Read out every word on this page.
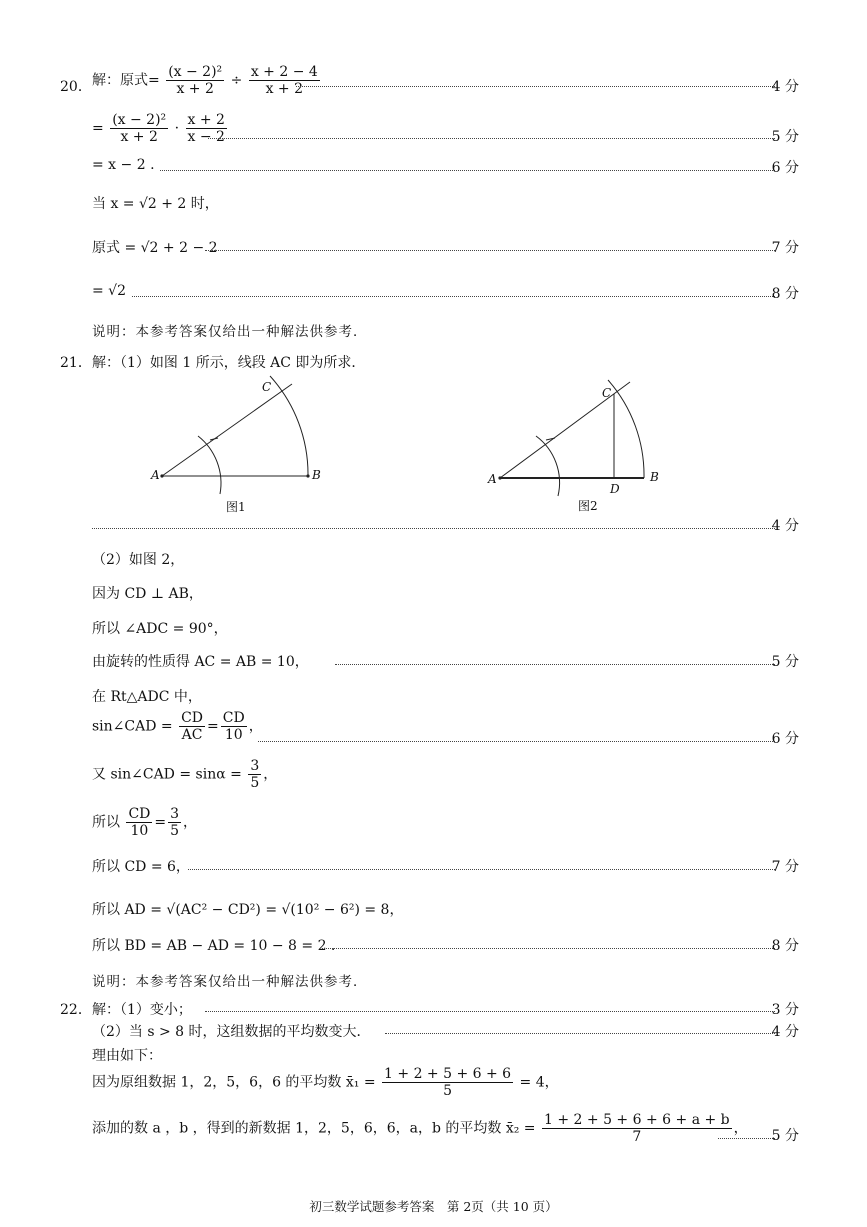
20． 解：原式= $\frac{\text{(x − 2)²}}{x + 2} \div \frac{x + 2 - 4}{x + 2}$	4 分
= $\frac{\text{(x − 2)²}}{x + 2} \cdot \frac{x + 2}{x - 2}$	5 分
= x − 2 .	6 分
当 x = √2 + 2 时，
原式 = √2 + 2 − 2	7 分
= √2	8 分
说明：本参考答案仅给出一种解法供参考．
21． 解：（1）如图 1 所示，线段 AC 即为所求．
A	B
C
图1
A	B
C
D
图2
4 分
（2）如图 2，
因为 CD ⊥ AB，
所以 ∠ADC = 90°，
由旋转的性质得 AC = AB = 10，	5 分
在 Rt△ADC 中，
sin∠CAD = $\frac{CD}{AC} = \frac{CD}{10}$ ，
6 分
又 sin∠CAD = $\sin\alpha = \frac{3}{5}$ ，
所以 $\frac{CD}{10} = \frac{3}{5}$ ，
所以 CD = 6，	7 分
所以 AD = √(AC² − CD²) = √(10² − 6²) = 8，
所以 BD = AB − AD = 10 − 8 = 2 .	8 分
说明：本参考答案仅给出一种解法供参考．
22． 解：（1）变小；	3 分
（2）当 s > 8 时，这组数据的平均数变大．	4 分
理由如下：
因为原组数据 1，2，5，6，6 的平均数 x̄₁ = $\frac{1 + 2 + 5 + 6 + 6}{5} = 4$，
添加的数 a ，b ，得到的新数据 1，2，5，6，6，a，b 的平均数 x̄₂ = $\frac{1 + 2 + 5 + 6 + 6 + a + b}{7}$ ， 5 分
初三数学试题参考答案　第 2页（共 10 页）
